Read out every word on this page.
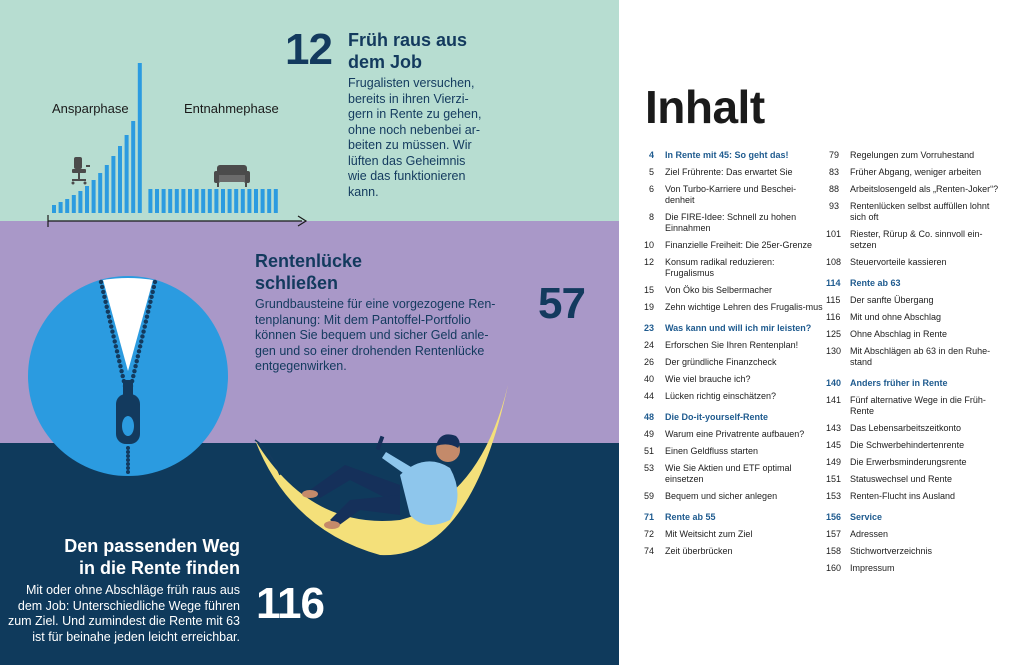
Ansparphase	Entnahmephase
12 Früh raus aus
dem Job
Frugalisten versuchen,
bereits in ihren Vierzi-
gern in Rente zu gehen,
ohne noch nebenbei ar-
beiten zu müssen. Wir
lüften das Geheimnis
wie das funktionieren
kann.
Rentenlücke
schließen
Grundbausteine für eine vorgezogene Ren-
tenplanung: Mit dem Pantoffel-Portfolio
können Sie bequem und sicher Geld anle-
gen und so einer drohenden Rentenlücke
entgegenwirken.
57
Den passenden Weg
in die Rente finden
Mit oder ohne Abschläge früh raus aus
dem Job: Unterschiedliche Wege führen
zum Ziel. Und zumindest die Rente mit 63
ist für beinahe jeden leicht erreichbar.
116
Inhalt
4	In Rente mit 45: So geht das!
5	Ziel Frührente: Das erwartet Sie
6	Von Turbo-Karriere und Beschei-denheit
8	Die FIRE-Idee: Schnell zu hohen Einnahmen
10	Finanzielle Freiheit: Die 25er-Grenze
12	Konsum radikal reduzieren: Frugalismus
15	Von Öko bis Selbermacher
19	Zehn wichtige Lehren des Frugalis-mus
23	Was kann und will ich mir leisten?
24	Erforschen Sie Ihren Rentenplan!
26	Der gründliche Finanzcheck
40	Wie viel brauche ich?
44	Lücken richtig einschätzen?
48	Die Do-it-yourself-Rente
49	Warum eine Privatrente aufbauen?
51	Einen Geldfluss starten
53	Wie Sie Aktien und ETF optimal einsetzen
59	Bequem und sicher anlegen
71	Rente ab 55
72	Mit Weitsicht zum Ziel
74	Zeit überbrücken
79	Regelungen zum Vorruhestand
83	Früher Abgang, weniger arbeiten
88	Arbeitslosengeld als „Renten-Joker“?
93	Rentenlücken selbst auffüllen lohnt sich oft
101 Riester, Rürup & Co. sinnvoll ein-setzen
108 Steuervorteile kassieren
114	Rente ab 63
115	Der sanfte Übergang
116	Mit und ohne Abschlag
125 Ohne Abschlag in Rente
130 Mit Abschlägen ab 63 in den Ruhe-stand
140 Anders früher in Rente
141 Fünf alternative Wege in die Früh-Rente
143 Das Lebensarbeitszeitkonto
145 Die Schwerbehindertenrente
149 Die Erwerbsminderungsrente
151 Statuswechsel und Rente
153 Renten-Flucht ins Ausland
156 Service
157 Adressen
158 Stichwortverzeichnis
160 Impressum
